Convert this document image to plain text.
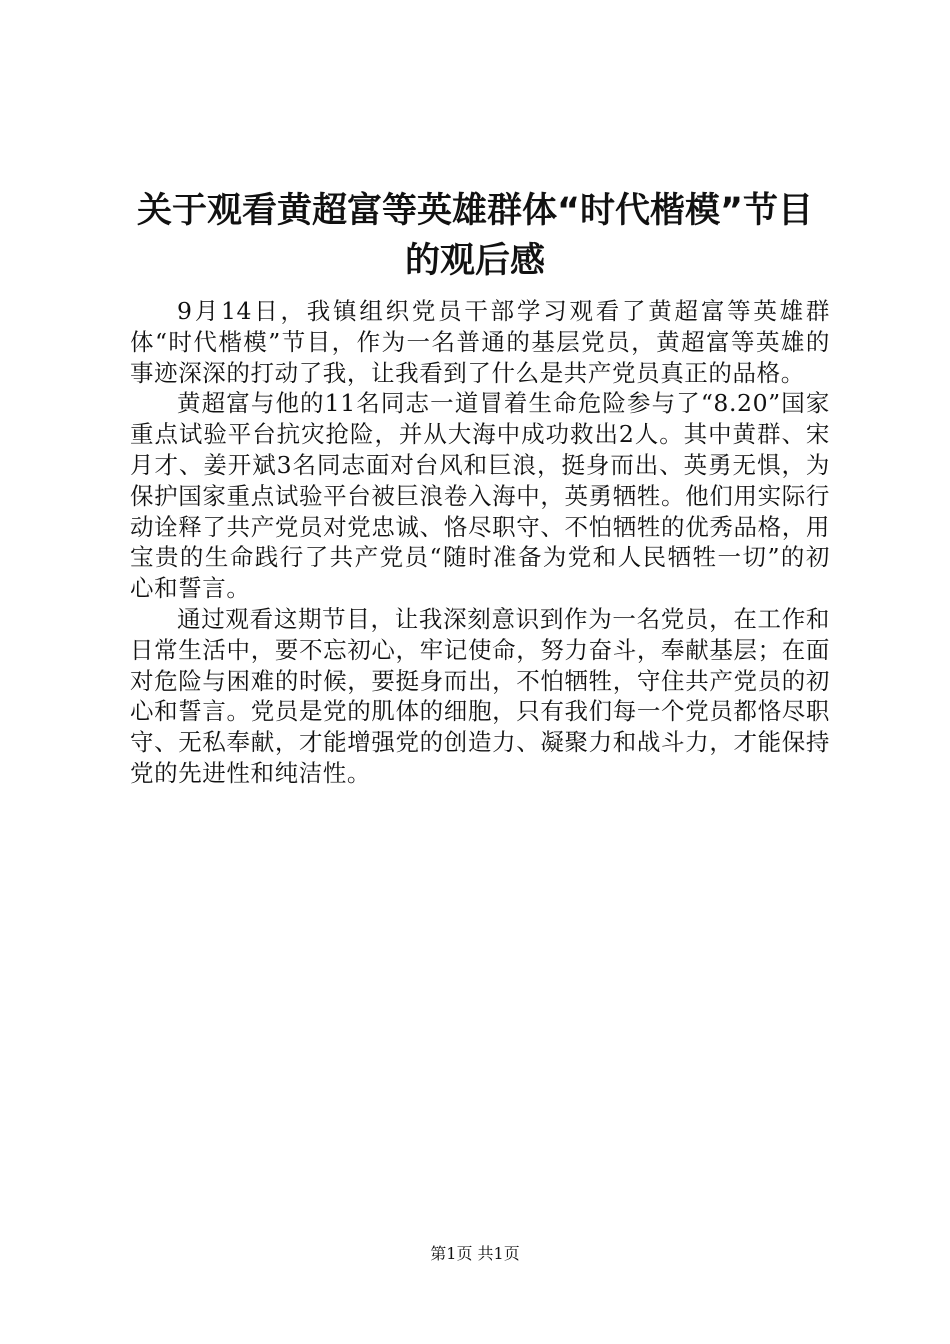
关于观看黄超富等英雄群体“时代楷模”节目
的观后感

9月14日，我镇组织党员干部学习观看了黄超富等英雄群体“时代楷模”节目，作为一名普通的基层党员，黄超富等英雄的事迹深深的打动了我，让我看到了什么是共产党员真正的品格。

黄超富与他的11名同志一道冒着生命危险参与了“8.20”国家重点试验平台抗灾抢险，并从大海中成功救出2人。其中黄群、宋月才、姜开斌3名同志面对台风和巨浪，挺身而出、英勇无惧，为保护国家重点试验平台被巨浪卷入海中，英勇牺牲。他们用实际行动诠释了共产党员对党忠诚、恪尽职守、不怕牺牲的优秀品格，用宝贵的生命践行了共产党员“随时准备为党和人民牺牲一切”的初心和誓言。

通过观看这期节目，让我深刻意识到作为一名党员，在工作和日常生活中，要不忘初心，牢记使命，努力奋斗，奉献基层；在面对危险与困难的时候，要挺身而出，不怕牺牲，守住共产党员的初心和誓言。党员是党的肌体的细胞，只有我们每一个党员都恪尽职守、无私奉献，才能增强党的创造力、凝聚力和战斗力，才能保持党的先进性和纯洁性。

第1页 共1页
